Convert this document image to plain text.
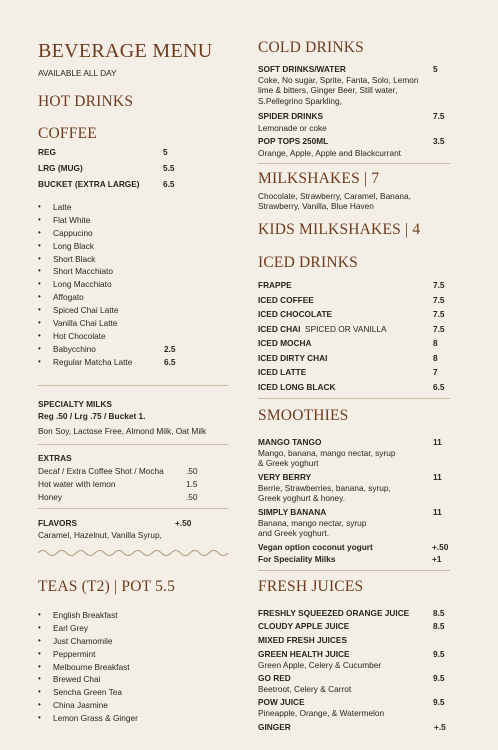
BEVERAGE MENU
AVAILABLE ALL DAY
HOT DRINKS
COFFEE
REG	5
LRG (MUG)	5.5
BUCKET (EXTRA LARGE)	6.5
• Latte
• Flat White
• Cappucino
• Long Black
• Short Black
• Short Macchiato
• Long Macchiato
• Affogato
• Spiced Chai Latte
• Vanilla Chai Latte
• Hot Chocolate
• Babycchino	2.5
• Regular Matcha Latte	6.5
SPECIALTY MILKS
Reg .50 / Lrg .75 / Bucket 1.
Bon Soy, Lactose Free, Almond Milk, Oat Milk
EXTRAS
Decaf / Extra Coffee Shot / Mocha	.50
Hot water with lemon	1.5
Honey	.50
FLAVORS	+.50
Caramel, Hazelnut, Vanilla Syrup,
TEAS (T2) | POT 5.5
• English Breakfast
• Earl Grey
• Just Chamomile
• Peppermint
• Melbourne Breakfast
• Brewed Chai
• Sencha Green Tea
• China Jasmine
• Lemon Grass & Ginger
COLD DRINKS
SOFT DRINKS/WATER	5
Coke, No sugar, Sprite, Fanta, Solo, Lemon lime & bitters, Ginger Beer, Still water, S.Pellegrino Sparkling,
SPIDER DRINKS	7.5
Lemonade or coke
POP TOPS 250ML	3.5
Orange, Apple, Apple and Blackcurrant
MILKSHAKES | 7
Chocolate, Strawberry, Caramel, Banana, Strawberry, Vanilla, Blue Haven
KIDS MILKSHAKES | 4
ICED DRINKS
FRAPPE	7.5
ICED COFFEE	7.5
ICED CHOCOLATE	7.5
ICED CHAI SPICED OR VANILLA	7.5
ICED MOCHA	8
ICED DIRTY CHAI	8
ICED LATTE	7
ICED LONG BLACK	6.5
SMOOTHIES
MANGO TANGO	11
Mango, banana, mango nectar, syrup & Greek yoghurt
VERY BERRY	11
Berrie, Strawberries, banana, syrup, Greek yoghurt & honey.
SIMPLY BANANA	11
Banana, mango nectar, syrup and Greek yoghurt.
Vegan option coconut yogurt	+.50
For Speciality Milks	+1
FRESH JUICES
FRESHLY SQUEEZED ORANGE JUICE	8.5
CLOUDY APPLE JUICE	8.5
MIXED FRESH JUICES
GREEN HEALTH JUICE	9.5
Green Apple, Celery & Cucumber
GO RED	9.5
Beetroot, Celery & Carrot
POW JUICE	9.5
Pineapple, Orange, & Watermelon
GINGER	+.5
